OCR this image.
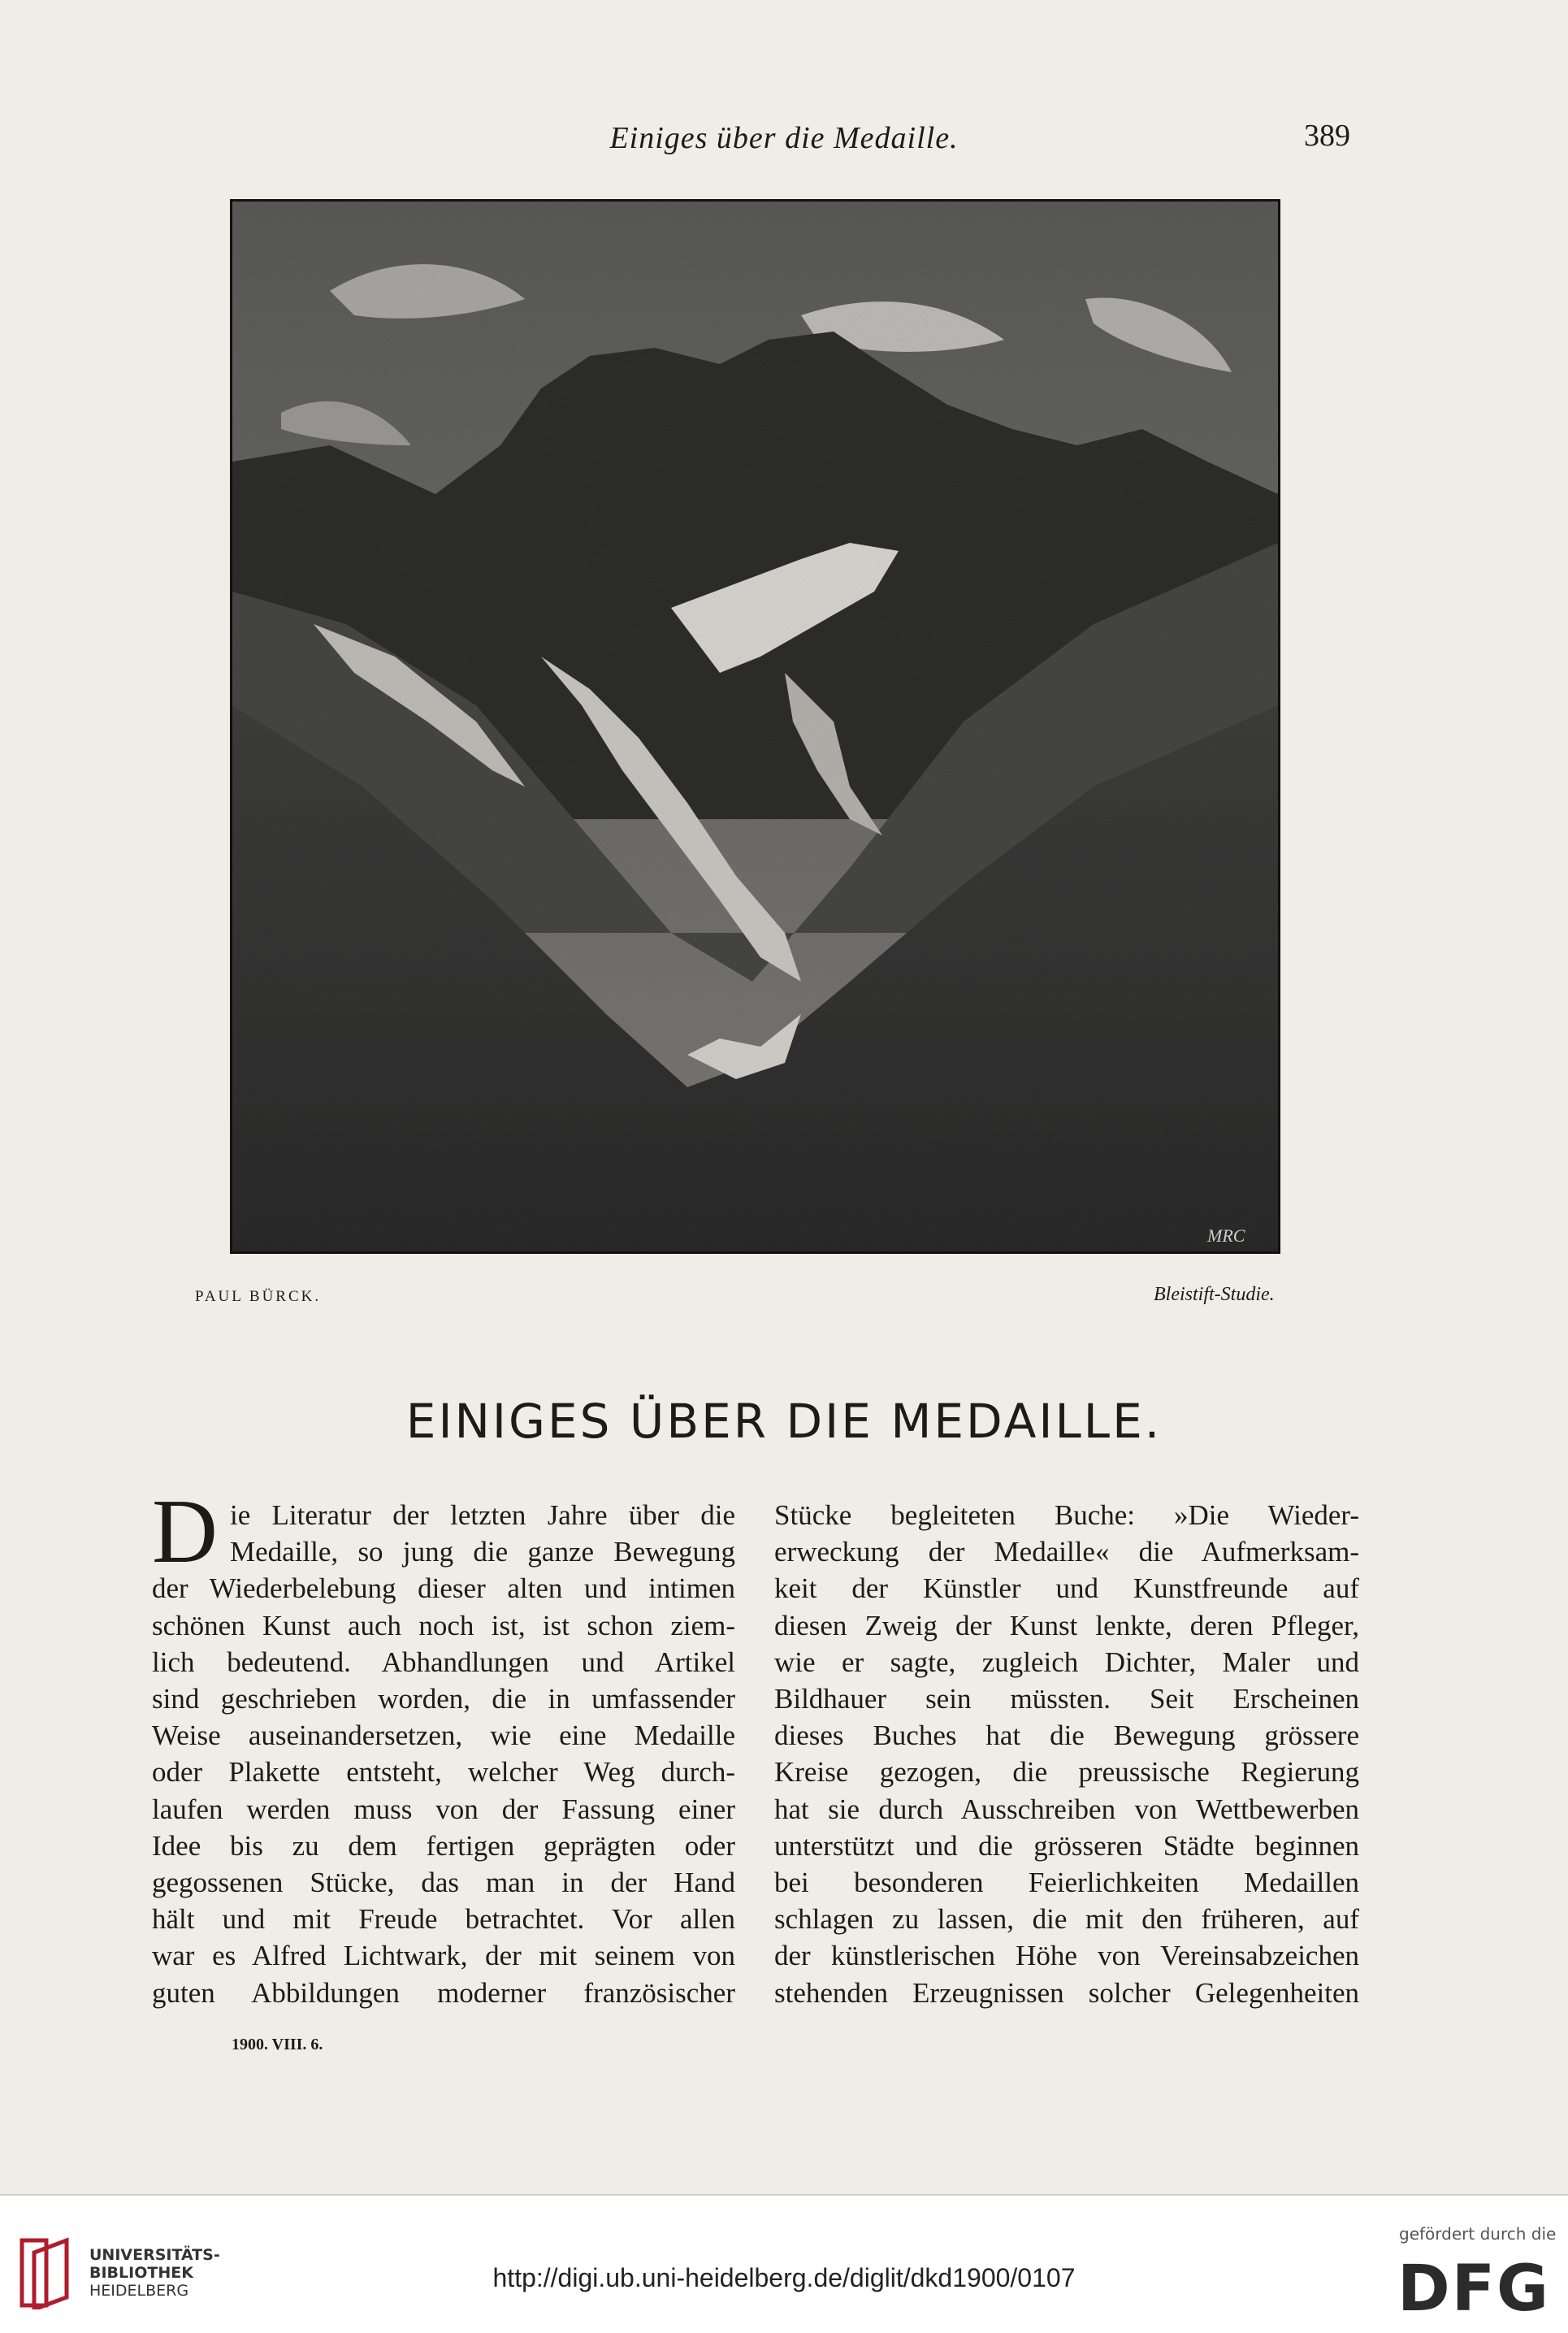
Einiges über die Medaille.	389
MRC
PAUL BÜRCK.	Bleistift-Studie.
EINIGES ÜBER DIE MEDAILLE.
D ie Literatur der letzten Jahre über die
Medaille, so jung die ganze Bewegung
der Wiederbelebung dieser alten und intimen
schönen Kunst auch noch ist, ist schon ziem-
lich bedeutend. Abhandlungen und Artikel
sind geschrieben worden, die in umfassender
Weise auseinandersetzen, wie eine Medaille
oder Plakette entsteht, welcher Weg durch-
laufen werden muss von der Fassung einer
Idee bis zu dem fertigen geprägten oder
gegossenen Stücke, das man in der Hand
hält und mit Freude betrachtet. Vor allen
war es Alfred Lichtwark, der mit seinem von
guten Abbildungen moderner französischer
Stücke begleiteten Buche: »Die Wieder-
erweckung der Medaille« die Aufmerksam-
keit der Künstler und Kunstfreunde auf
diesen Zweig der Kunst lenkte, deren Pfleger,
wie er sagte, zugleich Dichter, Maler und
Bildhauer sein müssten. Seit Erscheinen
dieses Buches hat die Bewegung grössere
Kreise gezogen, die preussische Regierung
hat sie durch Ausschreiben von Wettbewerben
unterstützt und die grösseren Städte beginnen
bei besonderen Feierlichkeiten Medaillen
schlagen zu lassen, die mit den früheren, auf
der künstlerischen Höhe von Vereinsabzeichen
stehenden Erzeugnissen solcher Gelegenheiten
1900. VIII. 6.
UNIVERSITÄTS-
BIBLIOTHEK
HEIDELBERG	http://digi.ub.uni-heidelberg.de/diglit/dkd1900/0107
gefördert durch die
DFG
